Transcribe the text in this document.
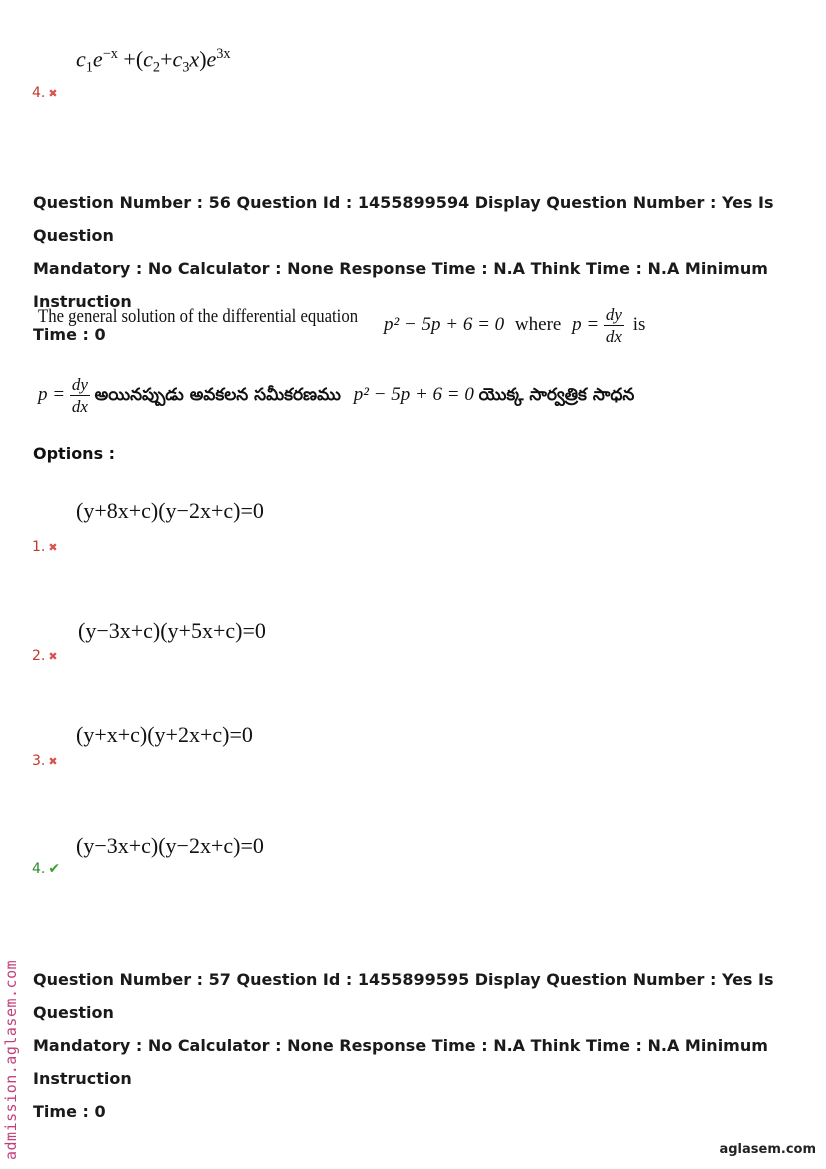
$c_1e^{-x} +(c_2+c_3x)e^{3x}$
4. ✖
Question Number : 56 Question Id : 1455899594 Display Question Number : Yes Is Question
Mandatory : No Calculator : None Response Time : N.A Think Time : N.A Minimum Instruction
Time : 0
The general solution of the differential equation	p² − 5p + 6 = 0 where $p = \frac{dy}{dx}$ is
$p = \frac{dy}{dx}$ అయినప్పుడు అవకలన సమీకరణము p² − 5p + 6 = 0 యొక్క సార్వత్రిక సాధన
Options :
(y+8x+c)(y−2x+c)=0
1. ✖
(y−3x+c)(y+5x+c)=0
2. ✖
(y+x+c)(y+2x+c)=0
3. ✖
(y−3x+c)(y−2x+c)=0
4. ✔
Question Number : 57 Question Id : 1455899595 Display Question Number : Yes Is Question
Mandatory : No Calculator : None Response Time : N.A Think Time : N.A Minimum Instruction
Time : 0
admission.aglasem.com	aglasem.com
